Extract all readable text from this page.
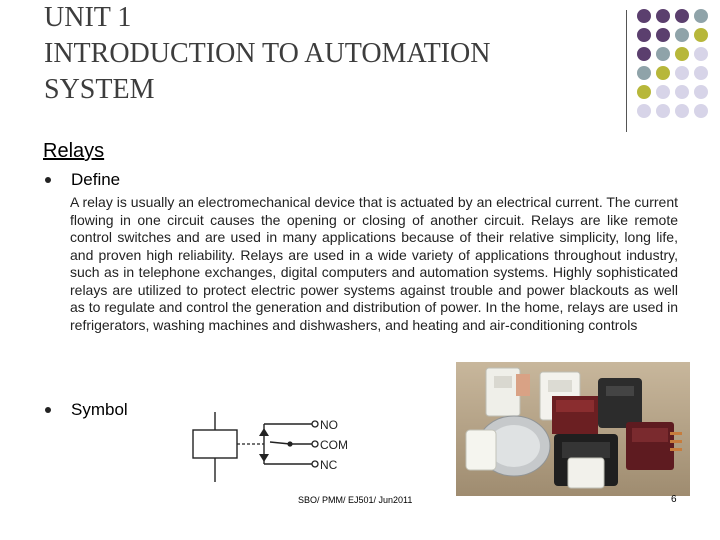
UNIT 1
INTRODUCTION TO AUTOMATION
SYSTEM
Relays
Define

A relay is usually an electromechanical device that is actuated by an electrical current. The current flowing in one circuit causes the opening or closing of another circuit. Relays are like remote control switches and are used in many applications because of their relative simplicity, long life, and proven high reliability. Relays are used in a wide variety of applications throughout industry, such as in telephone exchanges, digital computers and automation systems. Highly sophisticated relays are utilized to protect electric power systems against trouble and power blackouts as well as to regulate and control the generation and distribution of power. In the home, relays are used in refrigerators, washing machines and dishwashers, and heating and air-conditioning controls

Symbol
NO
COM
NC
SBO/ PMM/ EJ501/ Jun2011	6
